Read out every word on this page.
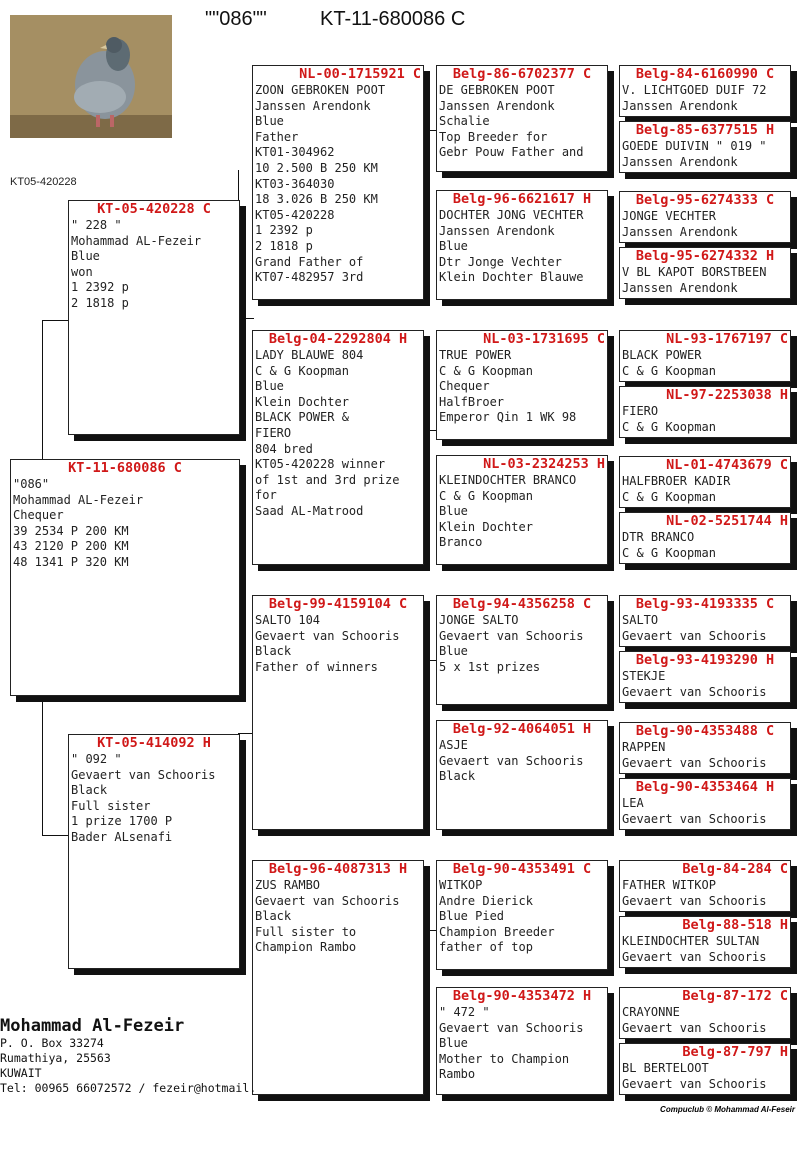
""086""	KT-11-680086 C
KT05-420228
KT-11-680086 C
"086"
Mohammad AL-Fezeir
Chequer
39 2534 P 200 KM
43 2120 P 200 KM
48 1341 P 320 KM
KT-05-420228 C
" 228 "
Mohammad AL-Fezeir
Blue
won
1 2392 p
2 1818 p
KT-05-414092 H
" 092 "
Gevaert van Schooris
Black
Full sister
1 prize 1700 P
Bader ALsenafi
NL-00-1715921 C
ZOON GEBROKEN POOT
Janssen Arendonk
Blue
Father
KT01-304962
10 2.500 B 250 KM
KT03-364030
18 3.026 B 250 KM
KT05-420228
1 2392 p
2 1818 p
Grand Father of
KT07-482957 3rd
Belg-04-2292804 H
LADY BLAUWE 804
C & G Koopman
Blue
Klein Dochter
BLACK POWER &
FIERO
804 bred
KT05-420228 winner
of 1st and 3rd prize
for
Saad AL-Matrood
Belg-99-4159104 C
SALTO 104
Gevaert van Schooris
Black
Father of winners
Belg-96-4087313 H
ZUS RAMBO
Gevaert van Schooris
Black
Full sister to
Champion Rambo
Belg-86-6702377 C
DE GEBROKEN POOT
Janssen Arendonk
Schalie
Top Breeder for
Gebr Pouw Father and
Belg-96-6621617 H
DOCHTER JONG VECHTER
Janssen Arendonk
Blue
Dtr Jonge Vechter
Klein Dochter Blauwe
NL-03-1731695 C
TRUE POWER
C & G Koopman
Chequer
HalfBroer
Emperor Qin 1 WK 98
NL-03-2324253 H
KLEINDOCHTER BRANCO
C & G Koopman
Blue
Klein Dochter
Branco
Belg-94-4356258 C
JONGE SALTO
Gevaert van Schooris
Blue
5 x 1st prizes
Belg-92-4064051 H
ASJE
Gevaert van Schooris
Black
Belg-90-4353491 C
WITKOP
Andre Dierick
Blue Pied
Champion Breeder
father of top
Belg-90-4353472 H
" 472 "
Gevaert van Schooris
Blue
Mother to Champion
Rambo
Belg-84-6160990 C
V. LICHTGOED DUIF 72
Janssen Arendonk
Belg-85-6377515 H
GOEDE DUIVIN " 019 "
Janssen Arendonk
Belg-95-6274333 C
JONGE VECHTER
Janssen Arendonk
Belg-95-6274332 H
V BL KAPOT BORSTBEEN
Janssen Arendonk
NL-93-1767197 C
BLACK POWER
C & G Koopman
NL-97-2253038 H
FIERO
C & G Koopman
NL-01-4743679 C
HALFBROER KADIR
C & G Koopman
NL-02-5251744 H
DTR BRANCO
C & G Koopman
Belg-93-4193335 C
SALTO
Gevaert van Schooris
Belg-93-4193290 H
STEKJE
Gevaert van Schooris
Belg-90-4353488 C
RAPPEN
Gevaert van Schooris
Belg-90-4353464 H
LEA
Gevaert van Schooris
Belg-84-284 C
FATHER WITKOP
Gevaert van Schooris
Belg-88-518 H
KLEINDOCHTER SULTAN
Gevaert van Schooris
Belg-87-172 C
CRAYONNE
Gevaert van Schooris
Belg-87-797 H
BL BERTELOOT
Gevaert van Schooris
Mohammad Al-Fezeir
P. O. Box 33274
Rumathiya, 25563
KUWAIT
Tel: 00965 66072572 / fezeir@hotmail.
Compuclub © Mohammad Al-Feseir
